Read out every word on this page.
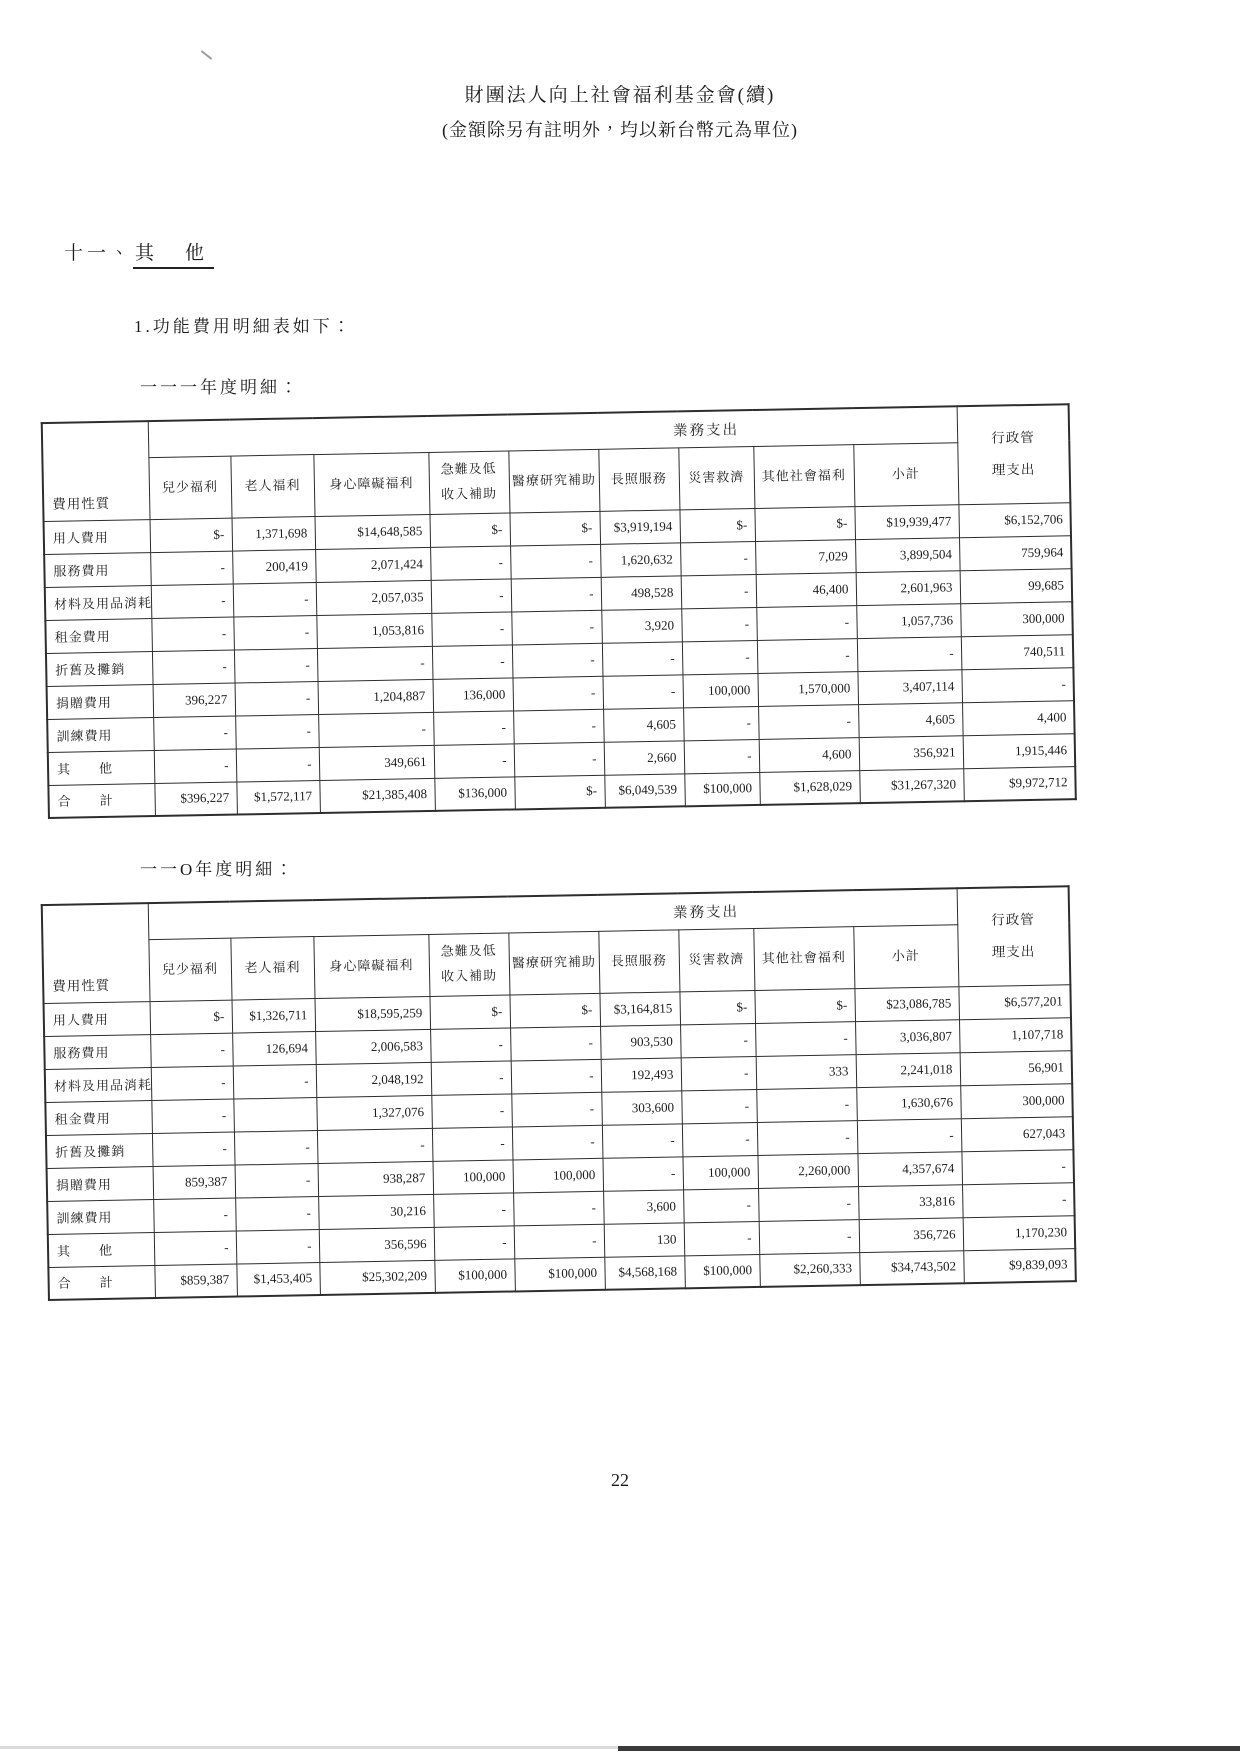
財團法人向上社會福利基金會(續)
(金額除另有註明外，均以新台幣元為單位)
十一、 其　他
1.功能費用明細表如下：
一一一年度明細：
費用性質	業務支出									行政管
理支出
	兒少福利	老人福利	身心障礙福利	急難及低
收入補助	醫療研究補助	長照服務	災害救濟	其他社會福利	小計	
用人費用	$-	1,371,698	$14,648,585	$-	$-	$3,919,194	$-	$-	$19,939,477	$6,152,706
服務費用	-	200,419	2,071,424	-	-	1,620,632	-	7,029	3,899,504	759,964
材料及用品消耗	-	-	2,057,035	-	-	498,528	-	46,400	2,601,963	99,685
租金費用	-	-	1,053,816	-	-	3,920	-	-	1,057,736	300,000
折舊及攤銷	-	-	-	-	-	-	-	-	-	740,511
捐贈費用	396,227	-	1,204,887	136,000	-	-	100,000	1,570,000	3,407,114	-
訓練費用	-	-	-	-	-	4,605	-	-	4,605	4,400
其　　他	-	-	349,661	-	-	2,660	-	4,600	356,921	1,915,446
合　　計	$396,227	$1,572,117	$21,385,408	$136,000	$-	$6,049,539	$100,000	$1,628,029	$31,267,320	$9,972,712
一一O年度明細：
費用性質	業務支出									行政管
理支出
	兒少福利	老人福利	身心障礙福利	急難及低
收入補助	醫療研究補助	長照服務	災害救濟	其他社會福利	小計	
用人費用	$-	$1,326,711	$18,595,259	$-	$-	$3,164,815	$-	$-	$23,086,785	$6,577,201
服務費用	-	126,694	2,006,583	-	-	903,530	-	-	3,036,807	1,107,718
材料及用品消耗	-	-	2,048,192	-	-	192,493	-	333	2,241,018	56,901
租金費用	-		1,327,076	-	-	303,600	-	-	1,630,676	300,000
折舊及攤銷	-	-	-	-	-	-	-	-	-	627,043
捐贈費用	859,387	-	938,287	100,000	100,000	-	100,000	2,260,000	4,357,674	-
訓練費用	-	-	30,216	-	-	3,600	-	-	33,816	-
其　　他	-	-	356,596	-	-	130	-	-	356,726	1,170,230
合　　計	$859,387	$1,453,405	$25,302,209	$100,000	$100,000	$4,568,168	$100,000	$2,260,333	$34,743,502	$9,839,093
22
